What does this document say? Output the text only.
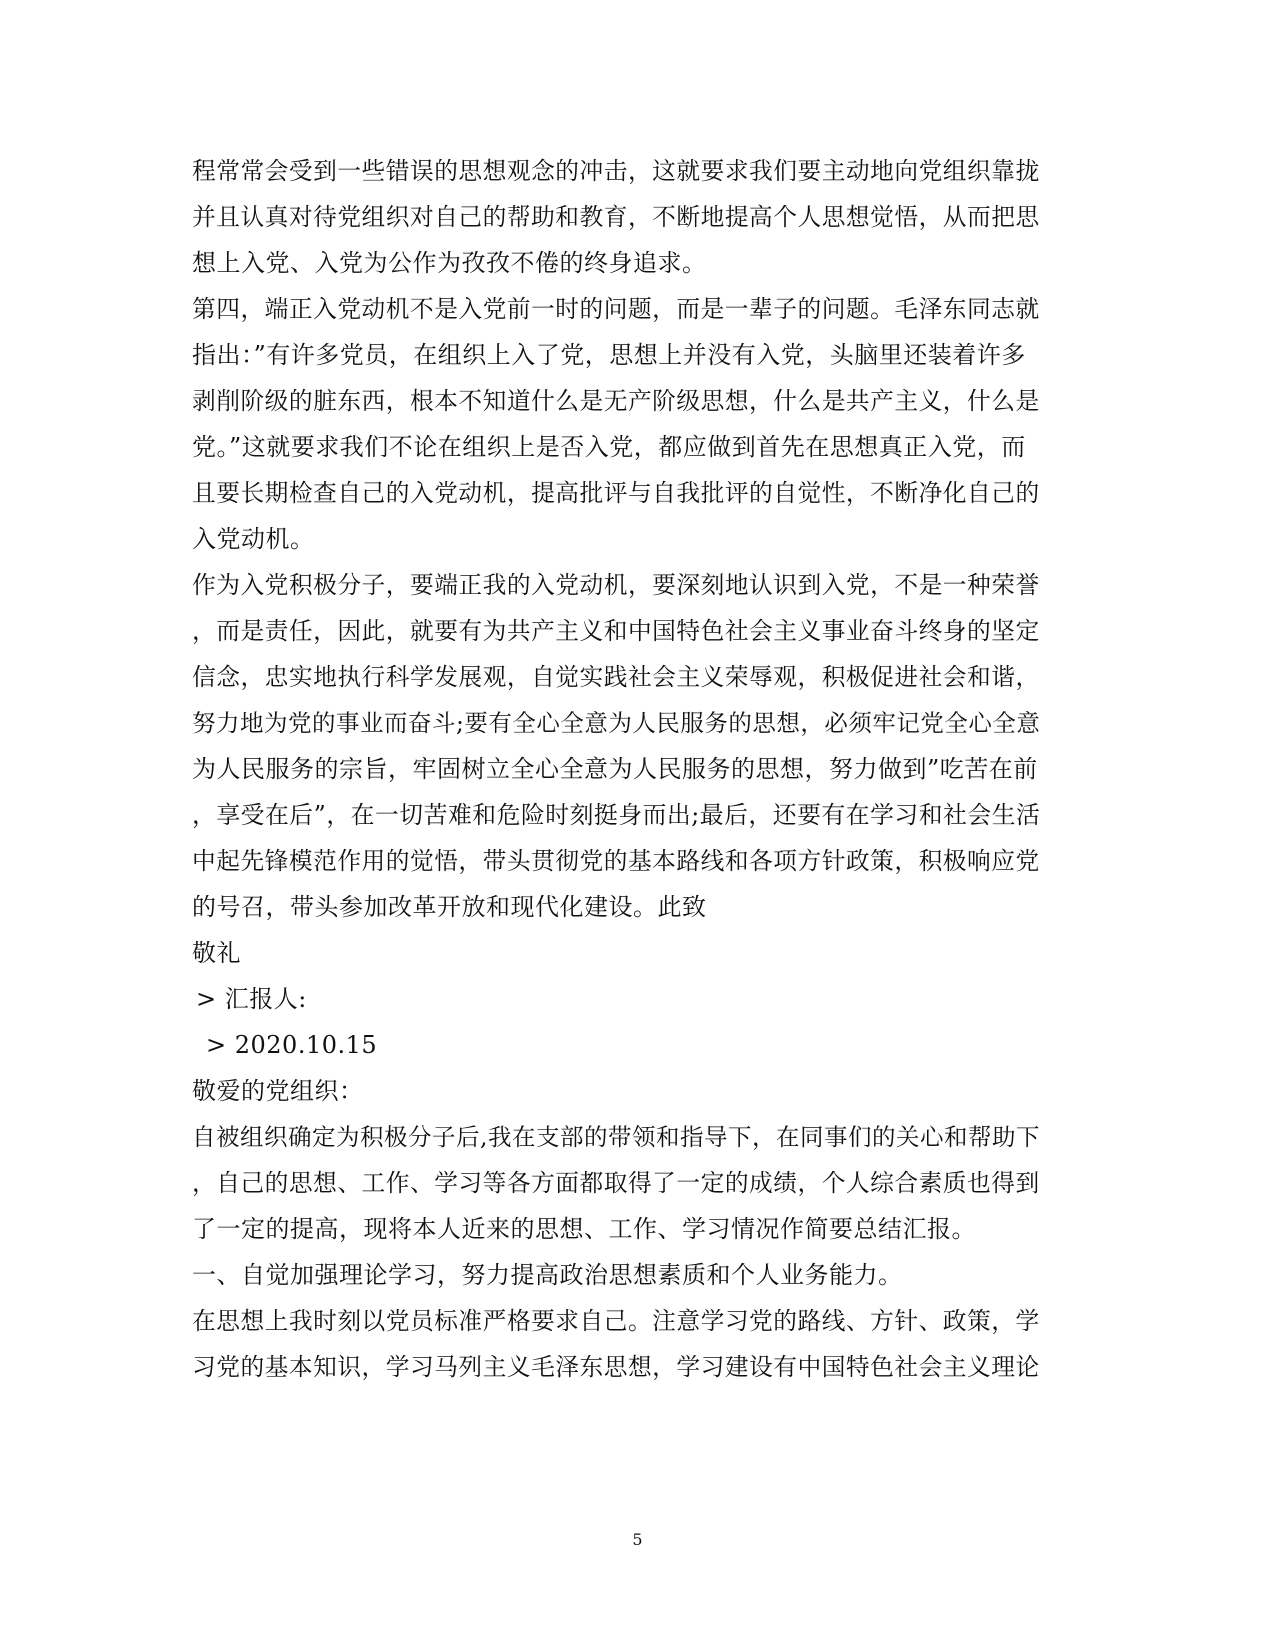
程常常会受到一些错误的思想观念的冲击，这就要求我们要主动地向党组织靠拢
并且认真对待党组织对自己的帮助和教育，不断地提高个人思想觉悟，从而把思
想上入党、入党为公作为孜孜不倦的终身追求。
第四，端正入党动机不是入党前一时的问题，而是一辈子的问题。毛泽东同志就
指出：”有许多党员，在组织上入了党，思想上并没有入党，头脑里还装着许多
剥削阶级的脏东西，根本不知道什么是无产阶级思想，什么是共产主义，什么是
党。”这就要求我们不论在组织上是否入党，都应做到首先在思想真正入党，而
且要长期检查自己的入党动机，提高批评与自我批评的自觉性，不断净化自己的
入党动机。
作为入党积极分子，要端正我的入党动机，要深刻地认识到入党，不是一种荣誉
，而是责任，因此，就要有为共产主义和中国特色社会主义事业奋斗终身的坚定
信念，忠实地执行科学发展观，自觉实践社会主义荣辱观，积极促进社会和谐，
努力地为党的事业而奋斗;要有全心全意为人民服务的思想，必须牢记党全心全意
为人民服务的宗旨，牢固树立全心全意为人民服务的思想，努力做到”吃苦在前
，享受在后”，在一切苦难和危险时刻挺身而出;最后，还要有在学习和社会生活
中起先锋模范作用的觉悟，带头贯彻党的基本路线和各项方针政策，积极响应党
的号召，带头参加改革开放和现代化建设。此致
敬礼
> 汇报人:
> 2020.10.15
敬爱的党组织：
自被组织确定为积极分子后,我在支部的带领和指导下，在同事们的关心和帮助下
，自己的思想、工作、学习等各方面都取得了一定的成绩，个人综合素质也得到
了一定的提高，现将本人近来的思想、工作、学习情况作简要总结汇报。
一、自觉加强理论学习，努力提高政治思想素质和个人业务能力。
在思想上我时刻以党员标准严格要求自己。注意学习党的路线、方针、政策，学
习党的基本知识，学习马列主义毛泽东思想，学习建设有中国特色社会主义理论
5
